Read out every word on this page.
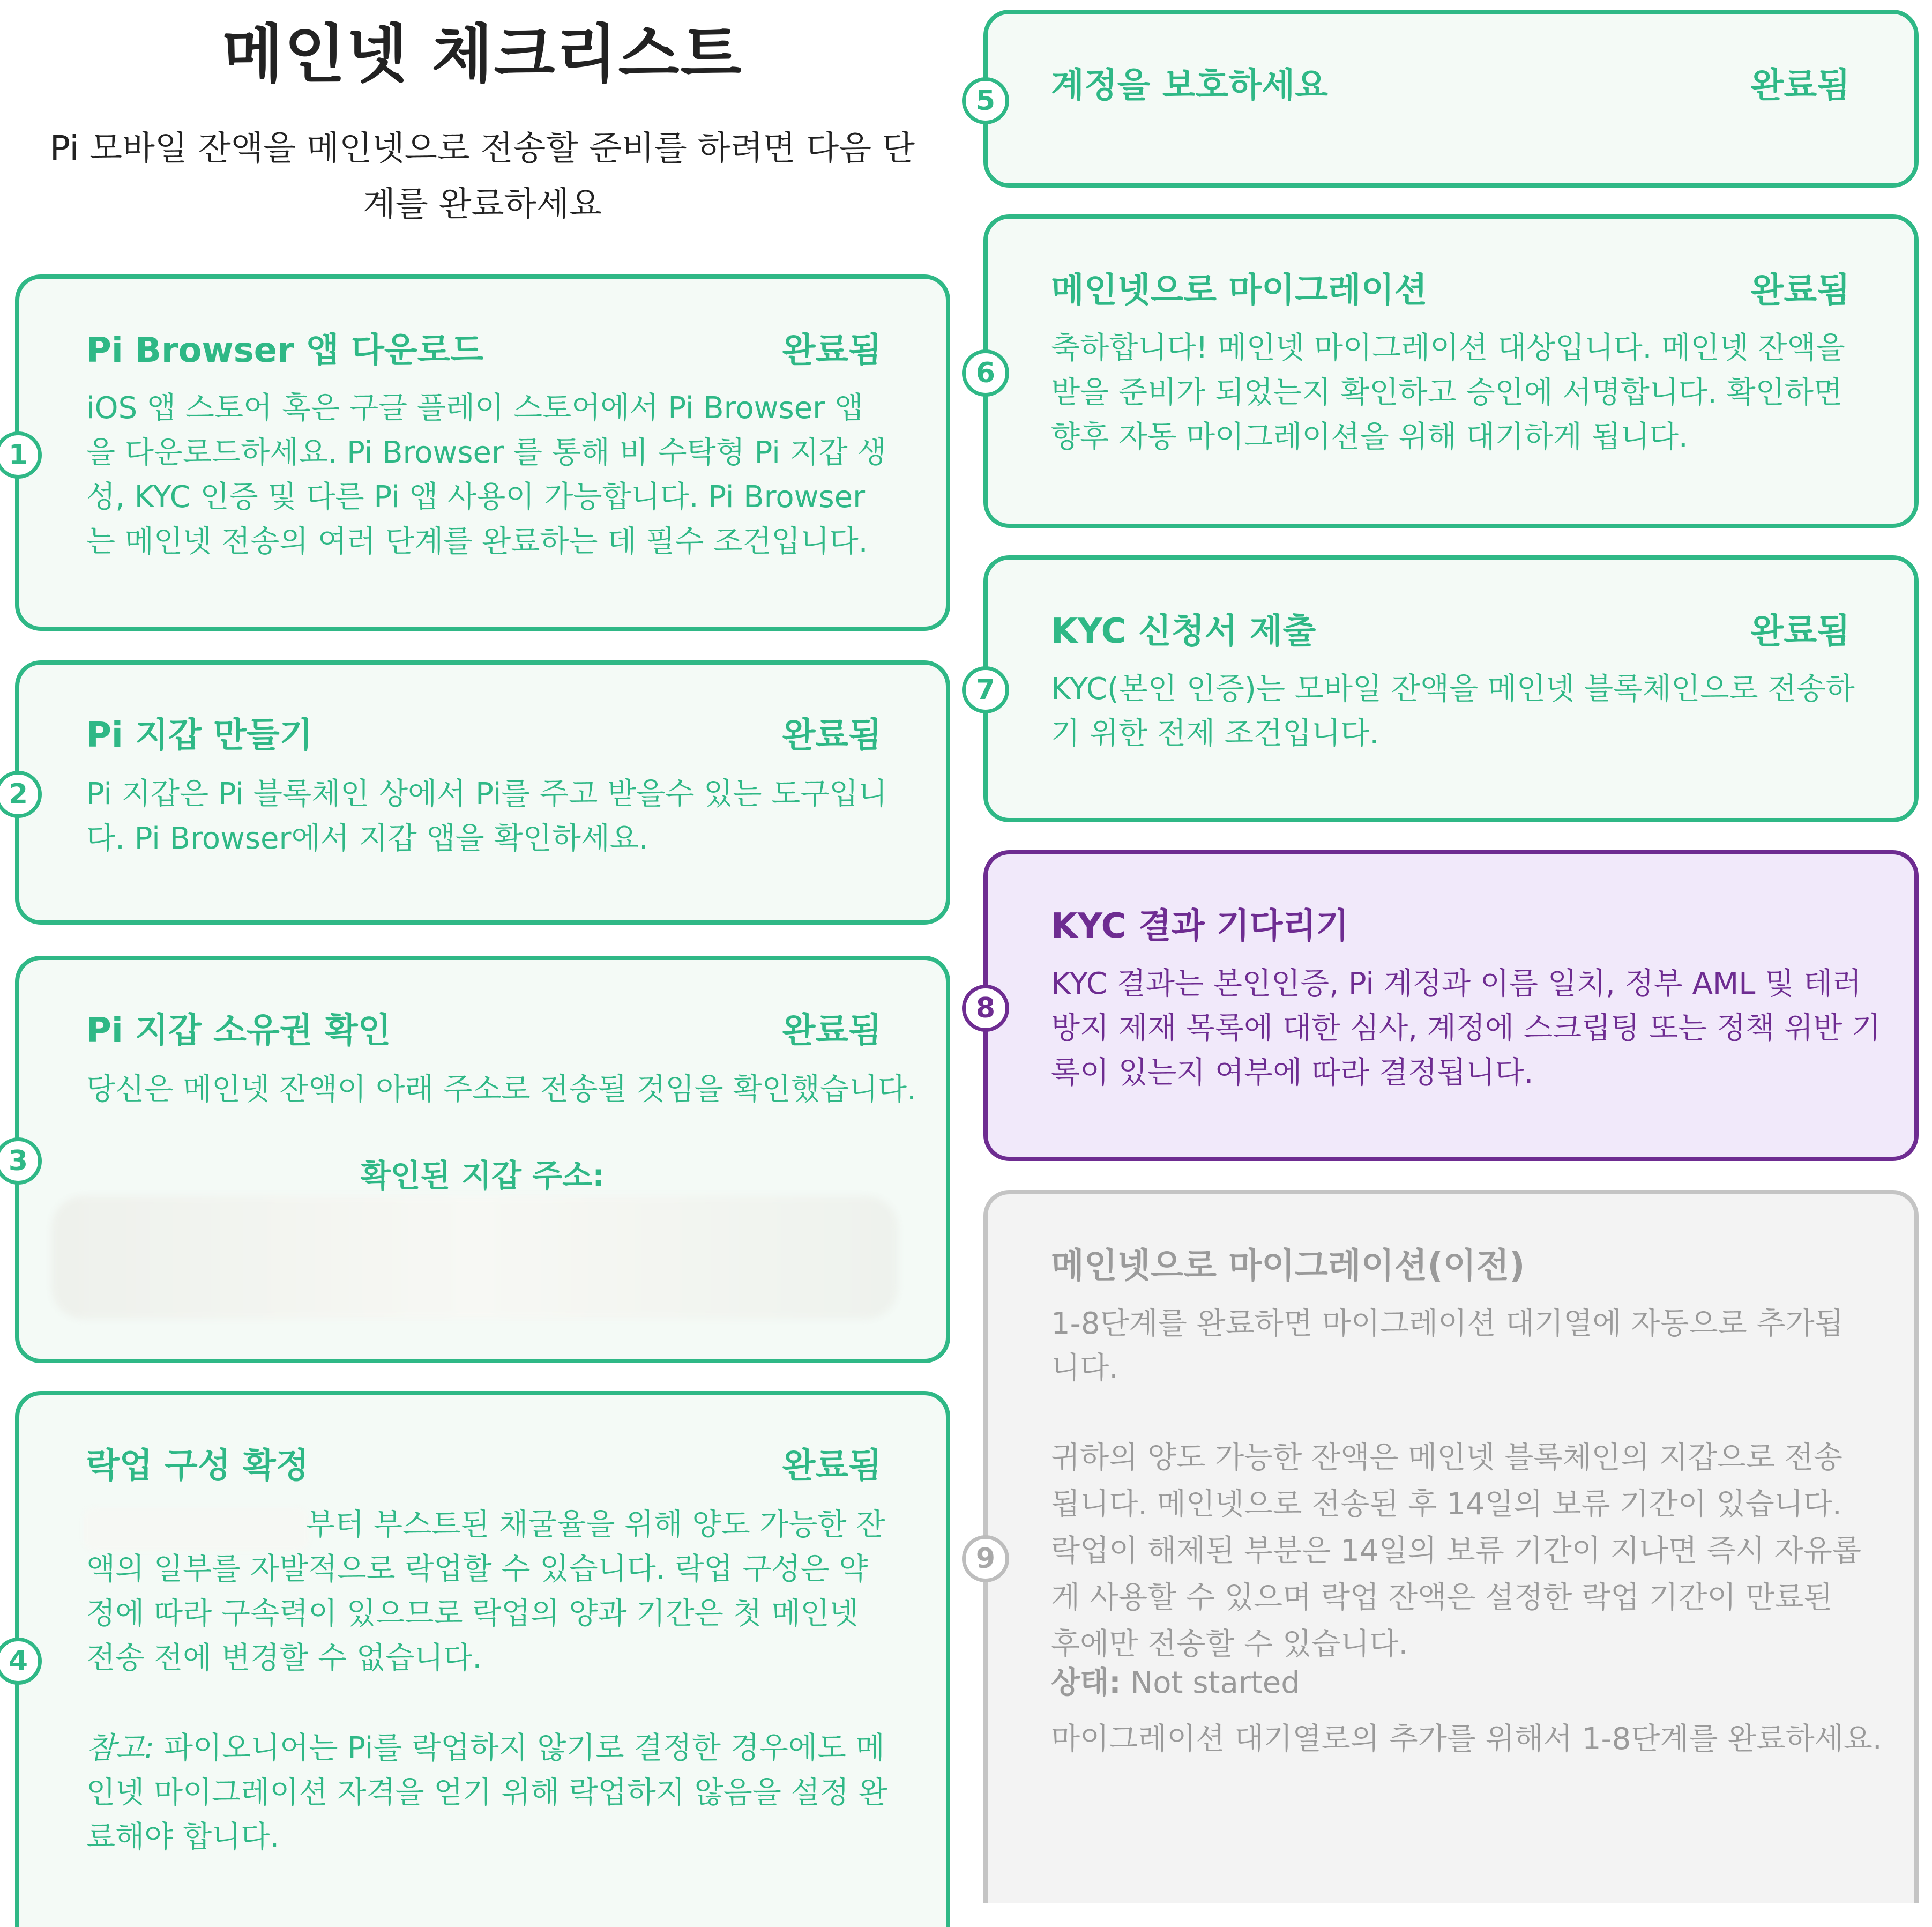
메인넷 체크리스트

Pi 모바일 잔액을 메인넷으로 전송할 준비를 하려면 다음 단계를 완료하세요

Pi Browser 앱 다운로드	완료됨

iOS 앱 스토어 혹은 구글 플레이 스토어에서 Pi Browser 앱을 다운로드하세요. Pi Browser 를 통해 비 수탁형 Pi 지갑 생성, KYC 인증 및 다른 Pi 앱 사용이 가능합니다. Pi Browser 는 메인넷 전송의 여러 단계를 완료하는 데 필수 조건입니다.

1
Pi 지갑 만들기	완료됨

Pi 지갑은 Pi 블록체인 상에서 Pi를 주고 받을수 있는 도구입니다. Pi Browser에서 지갑 앱을 확인하세요.

2
Pi 지갑 소유권 확인	완료됨

당신은 메인넷 잔액이 아래 주소로 전송될 것임을 확인했습니다.

확인된 지갑 주소:
3
락업 구성 확정	완료됨

부터 부스트된 채굴율을 위해 양도 가능한 잔액의 일부를 자발적으로 락업할 수 있습니다. 락업 구성은 약정에 따라 구속력이 있으므로 락업의 양과 기간은 첫 메인넷 전송 전에 변경할 수 없습니다.

참고: 파이오니어는 Pi를 락업하지 않기로 결정한 경우에도 메인넷 마이그레이션 자격을 얻기 위해 락업하지 않음을 설정 완료해야 합니다.

4
계정을 보호하세요	완료됨
5
메인넷으로 마이그레이션	완료됨

축하합니다! 메인넷 마이그레이션 대상입니다. 메인넷 잔액을 받을 준비가 되었는지 확인하고 승인에 서명합니다. 확인하면 향후 자동 마이그레이션을 위해 대기하게 됩니다.

6
KYC 신청서 제출	완료됨

KYC(본인 인증)는 모바일 잔액을 메인넷 블록체인으로 전송하기 위한 전제 조건입니다.

7
KYC 결과 기다리기

KYC 결과는 본인인증, Pi 계정과 이름 일치, 정부 AML 및 테러 방지 제재 목록에 대한 심사, 계정에 스크립팅 또는 정책 위반 기록이 있는지 여부에 따라 결정됩니다.

8
메인넷으로 마이그레이션(이전)

1-8단계를 완료하면 마이그레이션 대기열에 자동으로 추가됩니다.

귀하의 양도 가능한 잔액은 메인넷 블록체인의 지갑으로 전송됩니다. 메인넷으로 전송된 후 14일의 보류 기간이 있습니다. 락업이 해제된 부분은 14일의 보류 기간이 지나면 즉시 자유롭게 사용할 수 있으며 락업 잔액은 설정한 락업 기간이 만료된 후에만 전송할 수 있습니다.

상태: Not started

마이그레이션 대기열로의 추가를 위해서 1-8단계를 완료하세요.

9
